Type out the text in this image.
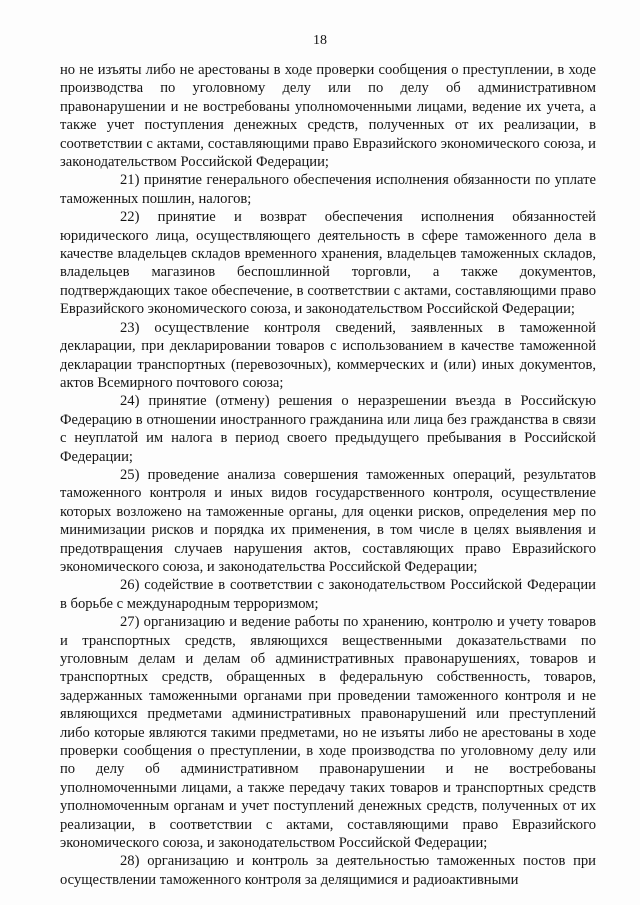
18

но не изъяты либо не арестованы в ходе проверки сообщения о преступлении, в ходе производства по уголовному делу или по делу об административном правонарушении и не востребованы уполномоченными лицами, ведение их учета, а также учет поступления денежных средств, полученных от их реализации, в соответствии с актами, составляющими право Евразийского экономического союза, и законодательством Российской Федерации;

21) принятие генерального обеспечения исполнения обязанности по уплате таможенных пошлин, налогов;

22) принятие и возврат обеспечения исполнения обязанностей юридического лица, осуществляющего деятельность в сфере таможенного дела в качестве владельцев складов временного хранения, владельцев таможенных складов, владельцев магазинов беспошлинной торговли, а также документов, подтверждающих такое обеспечение, в соответствии с актами, составляющими право Евразийского экономического союза, и законодательством Российской Федерации;

23) осуществление контроля сведений, заявленных в таможенной декларации, при декларировании товаров с использованием в качестве таможенной декларации транспортных (перевозочных), коммерческих и (или) иных документов, актов Всемирного почтового союза;

24) принятие (отмену) решения о неразрешении въезда в Российскую Федерацию в отношении иностранного гражданина или лица без гражданства в связи с неуплатой им налога в период своего предыдущего пребывания в Российской Федерации;

25) проведение анализа совершения таможенных операций, результатов таможенного контроля и иных видов государственного контроля, осуществление которых возложено на таможенные органы, для оценки рисков, определения мер по минимизации рисков и порядка их применения, в том числе в целях выявления и предотвращения случаев нарушения актов, составляющих право Евразийского экономического союза, и законодательства Российской Федерации;

26) содействие в соответствии с законодательством Российской Федерации в борьбе с международным терроризмом;

27) организацию и ведение работы по хранению, контролю и учету товаров и транспортных средств, являющихся вещественными доказательствами по уголовным делам и делам об административных правонарушениях, товаров и транспортных средств, обращенных в федеральную собственность, товаров, задержанных таможенными органами при проведении таможенного контроля и не являющихся предметами административных правонарушений или преступлений либо которые являются такими предметами, но не изъяты либо не арестованы в ходе проверки сообщения о преступлении, в ходе производства по уголовному делу или по делу об административном правонарушении и не востребованы уполномоченными лицами, а также передачу таких товаров и транспортных средств уполномоченным органам и учет поступлений денежных средств, полученных от их реализации, в соответствии с актами, составляющими право Евразийского экономического союза, и законодательством Российской Федерации;

28) организацию и контроль за деятельностью таможенных постов при осуществлении таможенного контроля за делящимися и радиоактивными
